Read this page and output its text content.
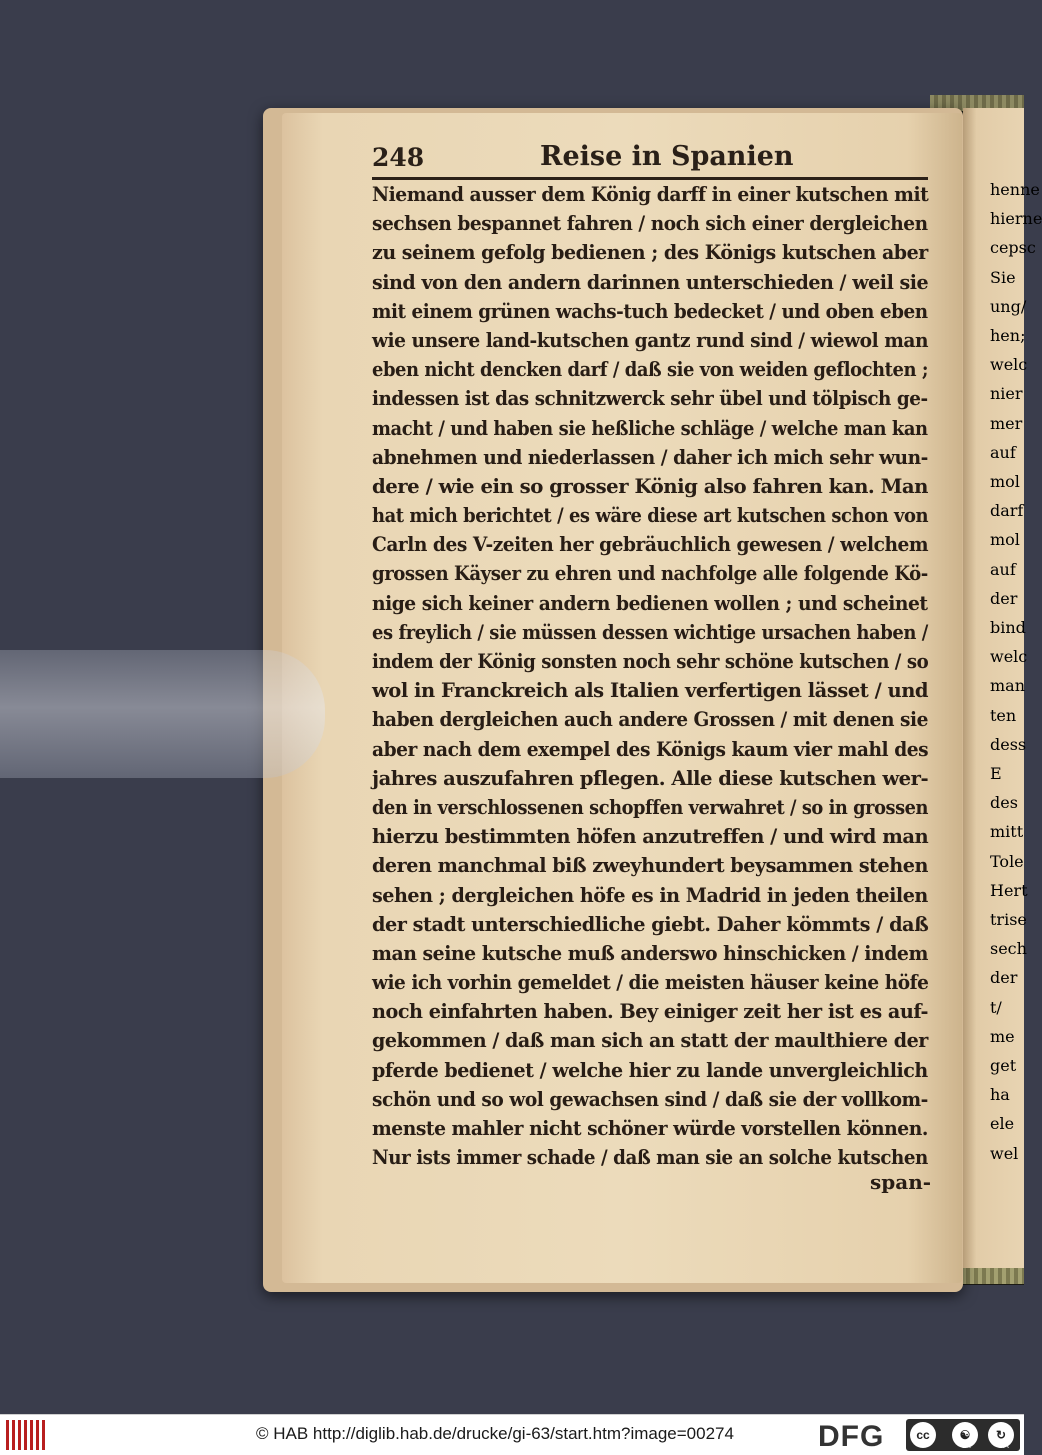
henne
hierne
cepsc
Sie
ung/
hen;
welc
nier
mer
auf
mol
darf
mol
auf
der
bind
welc
man
ten
dess
E
des
mitt
Tole
Hert
trise
sech
der
t/
me
get
ha
ele
wel
248	Reise in Spanien
Niemand ausser dem König darff in einer kutschen mit
sechsen bespannet fahren / noch sich einer dergleichen
zu seinem gefolg bedienen ; des Königs kutschen aber
sind von den andern darinnen unterschieden / weil sie
mit einem grünen wachs-tuch bedecket / und oben eben
wie unsere land-kutschen gantz rund sind / wiewol man
eben nicht dencken darf / daß sie von weiden geflochten ;
indessen ist das schnitzwerck sehr übel und tölpisch ge-
macht / und haben sie heßliche schläge / welche man kan
abnehmen und niederlassen / daher ich mich sehr wun-
dere / wie ein so grosser König also fahren kan. Man
hat mich berichtet / es wäre diese art kutschen schon von
Carln des V-zeiten her gebräuchlich gewesen / welchem
grossen Käyser zu ehren und nachfolge alle folgende Kö-
nige sich keiner andern bedienen wollen ; und scheinet
es freylich / sie müssen dessen wichtige ursachen haben /
indem der König sonsten noch sehr schöne kutschen / so
wol in Franckreich als Italien verfertigen lässet / und
haben dergleichen auch andere Grossen / mit denen sie
aber nach dem exempel des Königs kaum vier mahl des
jahres auszufahren pflegen. Alle diese kutschen wer-
den in verschlossenen schopffen verwahret / so in grossen
hierzu bestimmten höfen anzutreffen / und wird man
deren manchmal biß zweyhundert beysammen stehen
sehen ; dergleichen höfe es in Madrid in jeden theilen
der stadt unterschiedliche giebt. Daher kömmts / daß
man seine kutsche muß anderswo hinschicken / indem
wie ich vorhin gemeldet / die meisten häuser keine höfe
noch einfahrten haben. Bey einiger zeit her ist es auf-
gekommen / daß man sich an statt der maulthiere der
pferde bedienet / welche hier zu lande unvergleichlich
schön und so wol gewachsen sind / daß sie der vollkom-
menste mahler nicht schöner würde vorstellen können.
Nur ists immer schade / daß man sie an solche kutschen
span-
© HAB http://diglib.hab.de/drucke/gi-63/start.htm?image=00274	DFG	cc	☯	↻
BY	SA
